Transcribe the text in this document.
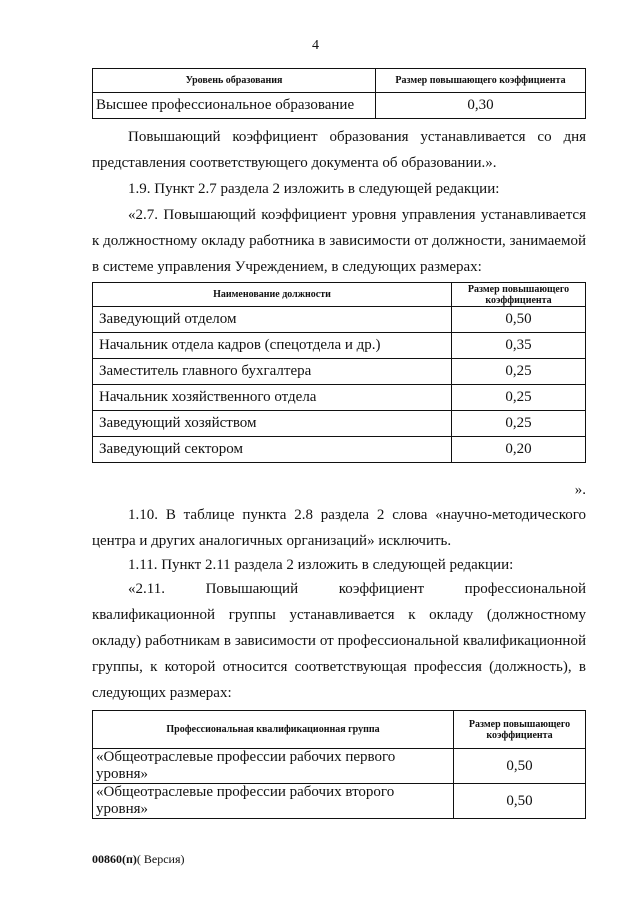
4
Уровень образования	Размер повышающего коэффициента
Высшее профессиональное образование	0,30

Повышающий коэффициент образования устанавливается со дня представления соответствующего документа об образовании.».

1.9. Пункт 2.7 раздела 2 изложить в следующей редакции:

«2.7. Повышающий коэффициент уровня управления устанавливается к должностному окладу работника в зависимости от должности, занимаемой в системе управления Учреждением, в следующих размерах:

Наименование должности	Размер повышающего коэффициента
Заведующий отделом	0,50
Начальник отдела кадров (спецотдела и др.)	0,35
Заместитель главного бухгалтера	0,25
Начальник хозяйственного отдела	0,25
Заведующий хозяйством	0,25
Заведующий сектором	0,20
».

1.10. В таблице пункта 2.8 раздела 2 слова «научно-методического центра и других аналогичных организаций» исключить.

1.11. Пункт 2.11 раздела 2 изложить в следующей редакции:

«2.11. Повышающий коэффициент профессиональной

квалификационной группы устанавливается к окладу (должностному окладу) работникам в зависимости от профессиональной квалификационной группы, к которой относится соответствующая профессия (должность), в следующих размерах:

Профессиональная квалификационная группа	Размер повышающего коэффициента
«Общеотраслевые профессии рабочих первого уровня»	0,50
«Общеотраслевые профессии рабочих второго уровня»	0,50
00860(п)( Версия)
